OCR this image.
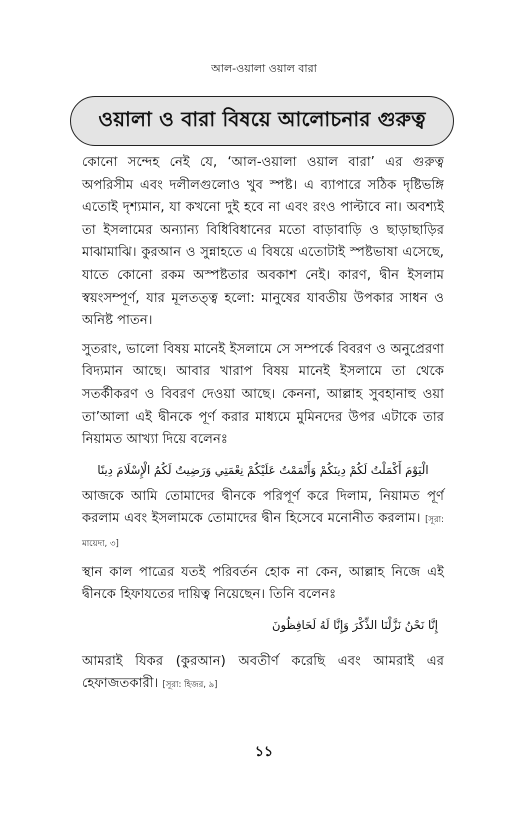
আল-ওয়ালা ওয়াল বারা
ওয়ালা ও বারা বিষয়ে আলোচনার গুরুত্ব

কোনো সন্দেহ নেই যে, ‘আল-ওয়ালা ওয়াল বারা’ এর গুরুত্ব অপরিসীম এবং দলীলগুলোও খুব স্পষ্ট। এ ব্যাপারে সঠিক দৃষ্টিভঙ্গি এতোই দৃশ্যমান, যা কখনো দুই হবে না এবং রংও পাল্টাবে না। অবশ্যই তা ইসলামের অন্যান্য বিধিবিধানের মতো বাড়াবাড়ি ও ছাড়াছাড়ির মাঝামাঝি। কুরআন ও সুন্নাহতে এ বিষয়ে এতোটাই স্পষ্টভাষা এসেছে, যাতে কোনো রকম অস্পষ্টতার অবকাশ নেই। কারণ, দ্বীন ইসলাম স্বয়ংসম্পূর্ণ, যার মূলতত্ত্ব হলো: মানুষের যাবতীয় উপকার সাধন ও অনিষ্ট পাতন।

সুতরাং, ভালো বিষয় মানেই ইসলামে সে সম্পর্কে বিবরণ ও অনুপ্রেরণা বিদ্যমান আছে। আবার খারাপ বিষয় মানেই ইসলামে তা থেকে সতর্কীকরণ ও বিবরণ দেওয়া আছে। কেননা, আল্লাহ সুবহানাহু ওয়া তা’আলা এই দ্বীনকে পূর্ণ করার মাধ্যমে মুমিনদের উপর এটাকে তার নিয়ামত আখ্যা দিয়ে বলেনঃ

الْيَوْمَ أَكْمَلْتُ لَكُمْ دِينَكُمْ وَأَتْمَمْتُ عَلَيْكُمْ نِعْمَتِي وَرَضِيتُ لَكُمُ الْإِسْلَامَ دِينًا

আজকে আমি তোমাদের দ্বীনকে পরিপূর্ণ করে দিলাম, নিয়ামত পূর্ণ করলাম এবং ইসলামকে তোমাদের দ্বীন হিসেবে মনোনীত করলাম। [সূরা: মায়েদা, ৩]

স্থান কাল পাত্রের যতই পরিবর্তন হোক না কেন, আল্লাহ নিজে এই দ্বীনকে হিফাযতের দায়িত্ব নিয়েছেন। তিনি বলেনঃ

إِنَّا نَحْنُ نَزَّلْنَا الذِّكْرَ وَإِنَّا لَهُ لَحَافِظُونَ

আমরাই যিকর (কুরআন) অবতীর্ণ করেছি এবং আমরাই এর হেফাজতকারী। [সূরা: হিজর, ৯]

১১
